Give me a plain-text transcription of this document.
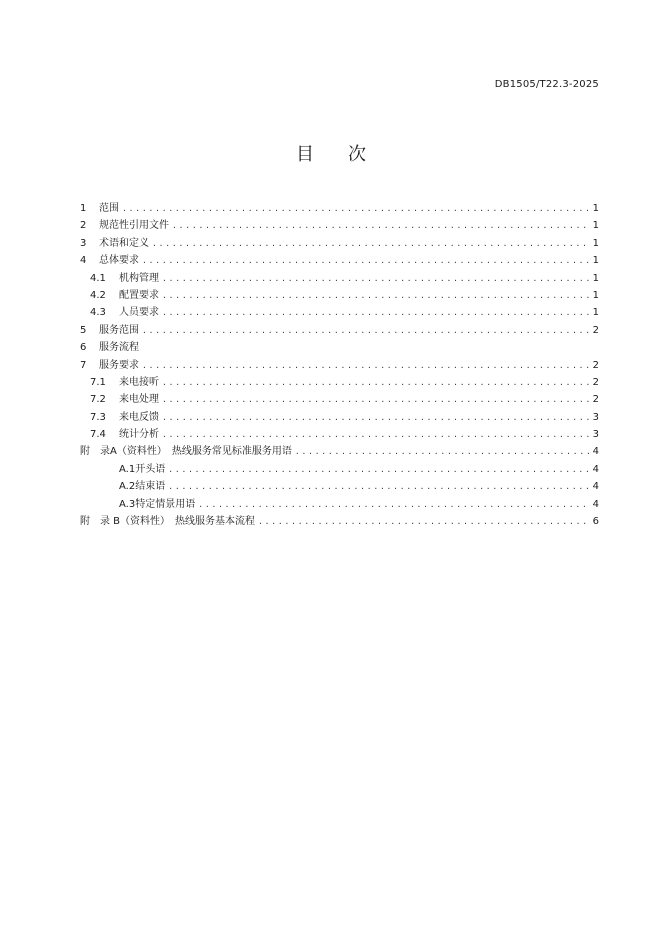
DB1505/T22.3-2025
目次
1	范围 .....	1
2	规范性引用文件 .....	1
3	术语和定义 .....	1
4	总体要求 .....	1
4.1	机构管理 .....	1
4.2	配置要求 .....	1
4.3	人员要求 .....	1
5	服务范围 .....	2
6	服务流程
7	服务要求 .....	2
7.1	来电接听 .....	2
7.2	来电处理 .....	2
7.3	来电反馈 .....	3
7.4	统计分析 .....	3
附　录A（资料性）　热线服务常见标准服务用语 .....	4
A.1开头语 .....	4
A.2结束语 .....	4
A.3特定情景用语 .....	4
附　录 B（资料性）　热线服务基本流程 .....	6
